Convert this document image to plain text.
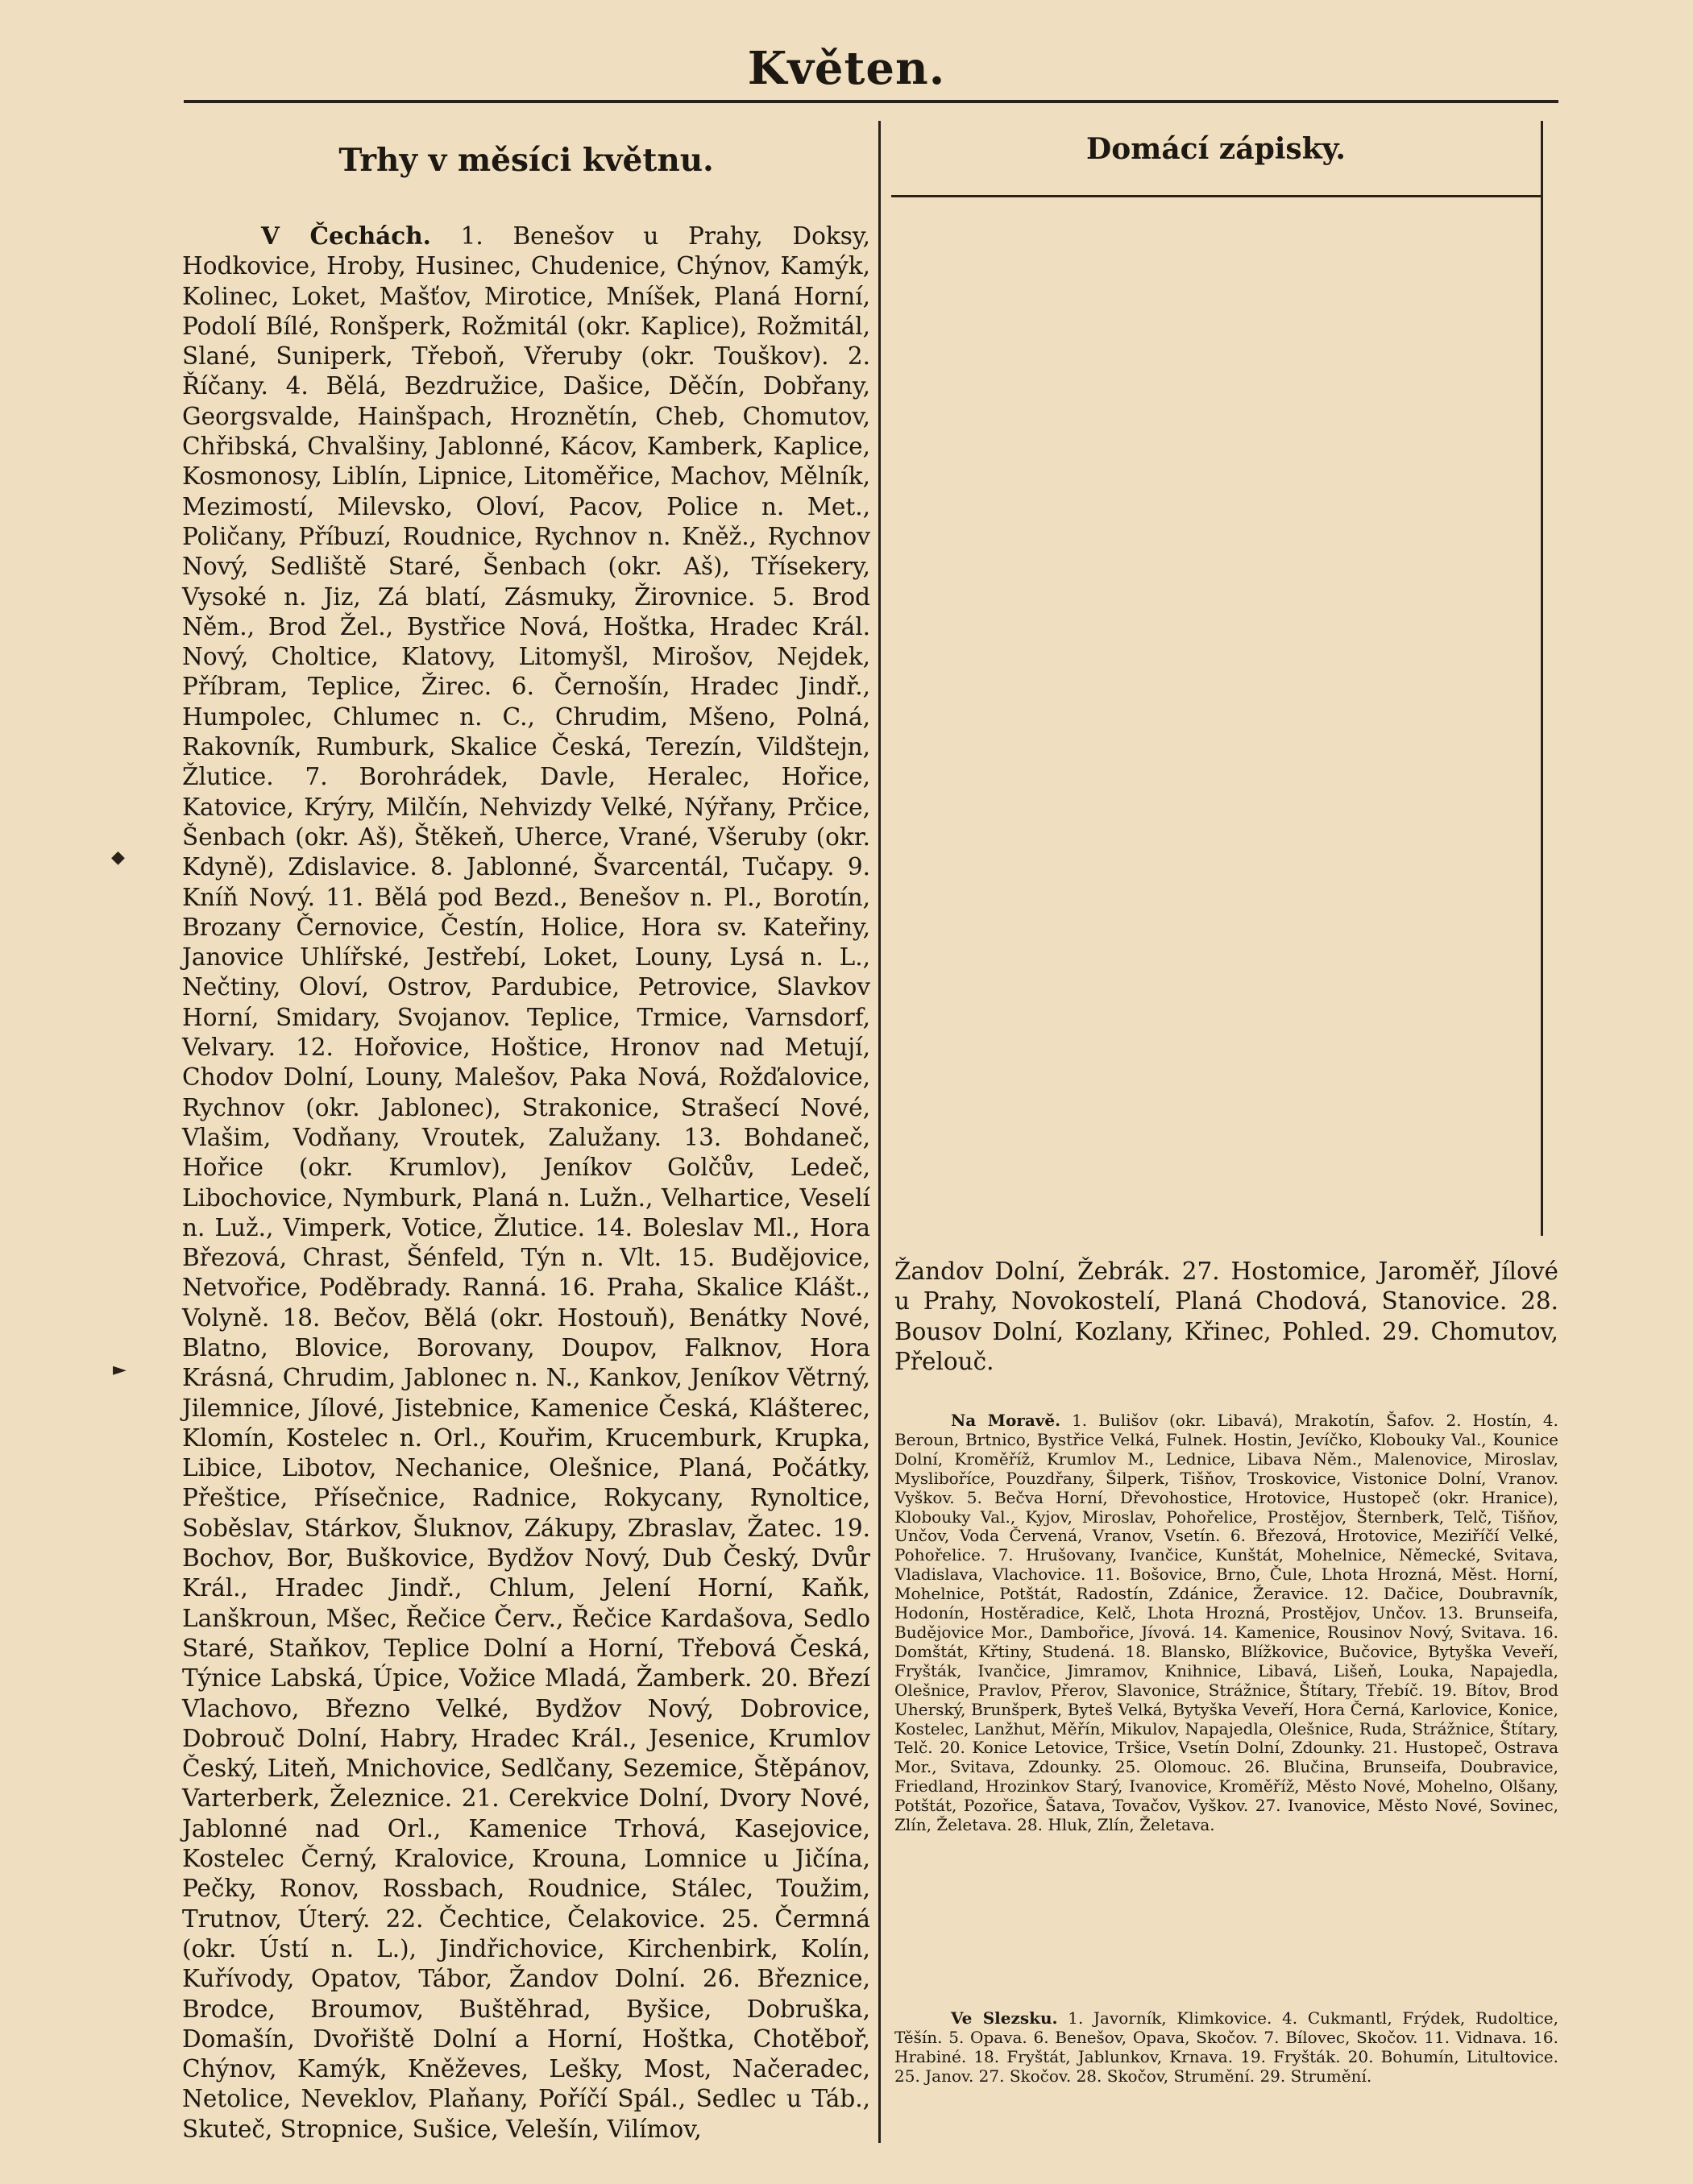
Květen.
Trhy v měsíci květnu.

V Čechách. 1. Benešov u Prahy, Doksy, Hodkovice, Hroby, Husinec, Chudenice, Chýnov, Kamýk, Kolinec, Loket, Mašťov, Mirotice, Mníšek, Planá Horní, Podolí Bílé, Ronšperk, Rožmitál (okr. Kaplice), Rožmitál, Slané, Suniperk, Třeboň, Vřeruby (okr. Touškov). 2. Říčany. 4. Bělá, Bezdružice, Dašice, Děčín, Dobřany, Georgsvalde, Hainšpach, Hroznětín, Cheb, Chomutov, Chřibská, Chvalšiny, Jablonné, Kácov, Kamberk, Kaplice, Kosmonosy, Liblín, Lipnice, Litoměřice, Machov, Mělník, Mezimostí, Milevsko, Oloví, Pacov, Police n. Met., Poličany, Příbuzí, Roudnice, Rychnov n. Kněž., Rychnov Nový, Sedliště Staré, Šenbach (okr. Aš), Třísekery, Vysoké n. Jiz, Zá blatí, Zásmuky, Žirovnice. 5. Brod Něm., Brod Žel., Bystřice Nová, Hoštka, Hradec Král. Nový, Choltice, Klatovy, Litomyšl, Mirošov, Nejdek, Příbram, Teplice, Žirec. 6. Černošín, Hradec Jindř., Humpolec, Chlumec n. C., Chrudim, Mšeno, Polná, Rakovník, Rumburk, Skalice Česká, Terezín, Vildštejn, Žlutice. 7. Borohrádek, Davle, Heralec, Hořice, Katovice, Krýry, Milčín, Nehvizdy Velké, Nýřany, Prčice, Šenbach (okr. Aš), Štěkeň, Uherce, Vrané, Všeruby (okr. Kdyně), Zdislavice. 8. Jablonné, Švarcentál, Tučapy. 9. Kníň Nový. 11. Bělá pod Bezd., Benešov n. Pl., Borotín, Brozany Černovice, Čestín, Holice, Hora sv. Kateřiny, Janovice Uhlířské, Jestřebí, Loket, Louny, Lysá n. L., Nečtiny, Oloví, Ostrov, Pardubice, Petrovice, Slavkov Horní, Smidary, Svojanov. Teplice, Trmice, Varnsdorf, Velvary. 12. Hořovice, Hoštice, Hronov nad Metují, Chodov Dolní, Louny, Malešov, Paka Nová, Rožďalovice, Rychnov (okr. Jablonec), Strakonice, Strašecí Nové, Vlašim, Vodňany, Vroutek, Zalužany. 13. Bohdaneč, Hořice (okr. Krumlov), Jeníkov Golčův, Ledeč, Libochovice, Nymburk, Planá n. Lužn., Velhartice, Veselí n. Luž., Vimperk, Votice, Žlutice. 14. Boleslav Ml., Hora Březová, Chrast, Šénfeld, Týn n. Vlt. 15. Budějovice, Netvořice, Poděbrady. Ranná. 16. Praha, Skalice Klášt., Volyně. 18. Bečov, Bělá (okr. Hostouň), Benátky Nové, Blatno, Blovice, Borovany, Doupov, Falknov, Hora Krásná, Chrudim, Jablonec n. N., Kankov, Jeníkov Větrný, Jilemnice, Jílové, Jistebnice, Kamenice Česká, Klášterec, Klomín, Kostelec n. Orl., Kouřim, Krucemburk, Krupka, Libice, Libotov, Nechanice, Olešnice, Planá, Počátky, Přeštice, Přísečnice, Radnice, Rokycany, Rynoltice, Soběslav, Stárkov, Šluknov, Zákupy, Zbraslav, Žatec. 19. Bochov, Bor, Buškovice, Bydžov Nový, Dub Český, Dvůr Král., Hradec Jindř., Chlum, Jelení Horní, Kaňk, Lanškroun, Mšec, Řečice Červ., Řečice Kardašova, Sedlo Staré, Staňkov, Teplice Dolní a Horní, Třebová Česká, Týnice Labská, Úpice, Vožice Mladá, Žamberk. 20. Březí Vlachovo, Březno Velké, Bydžov Nový, Dobrovice, Dobrouč Dolní, Habry, Hradec Král., Jesenice, Krumlov Český, Liteň, Mnichovice, Sedlčany, Sezemice, Štěpánov, Varterberk, Železnice. 21. Cerekvice Dolní, Dvory Nové, Jablonné nad Orl., Kamenice Trhová, Kasejovice, Kostelec Černý, Kralovice, Krouna, Lomnice u Jičína, Pečky, Ronov, Rossbach, Roudnice, Stálec, Toužim, Trutnov, Úterý. 22. Čechtice, Čelakovice. 25. Čermná (okr. Ústí n. L.), Jindřichovice, Kirchenbirk, Kolín, Kuřívody, Opatov, Tábor, Žandov Dolní. 26. Březnice, Brodce, Broumov, Buštěhrad, Byšice, Dobruška, Domašín, Dvořiště Dolní a Horní, Hoštka, Chotěboř, Chýnov, Kamýk, Kněževes, Lešky, Most, Načeradec, Netolice, Neveklov, Plaňany, Poříčí Spál., Sedlec u Táb., Skuteč, Stropnice, Sušice, Velešín, Vilímov,

Domácí zápisky.

Žandov Dolní, Žebrák. 27. Hostomice, Jaroměř, Jílové u Prahy, Novokostelí, Planá Chodová, Stanovice. 28. Bousov Dolní, Kozlany, Křinec, Pohled. 29. Chomutov, Přelouč.

Na Moravě. 1. Bulišov (okr. Libavá), Mrakotín, Šafov. 2. Hostín, 4. Beroun, Brtnico, Bystřice Velká, Fulnek. Hostin, Jevíčko, Klobouky Val., Kounice Dolní, Kroměříž, Krumlov M., Lednice, Libava Něm., Malenovice, Miroslav, Mysliboříce, Pouzdřany, Šilperk, Tišňov, Troskovice, Vistonice Dolní, Vranov. Vyškov. 5. Bečva Horní, Dřevohostice, Hrotovice, Hustopeč (okr. Hranice), Klobouky Val., Kyjov, Miroslav, Pohořelice, Prostějov, Šternberk, Telč, Tišňov, Unčov, Voda Červená, Vranov, Vsetín. 6. Březová, Hrotovice, Meziříčí Velké, Pohořelice. 7. Hrušovany, Ivančice, Kunštát, Mohelnice, Německé, Svitava, Vladislava, Vlachovice. 11. Bošovice, Brno, Čule, Lhota Hrozná, Měst. Horní, Mohelnice, Potštát, Radostín, Zdánice, Žeravice. 12. Dačice, Doubravník, Hodonín, Hostěradice, Kelč, Lhota Hrozná, Prostějov, Unčov. 13. Brunseifa, Budějovice Mor., Dambořice, Jívová. 14. Kamenice, Rousinov Nový, Svitava. 16. Domštát, Křtiny, Studená. 18. Blansko, Blížkovice, Bučovice, Bytyška Veveří, Fryšták, Ivančice, Jimramov, Knihnice, Libavá, Lišeň, Louka, Napajedla, Olešnice, Pravlov, Přerov, Slavonice, Strážnice, Štítary, Třebíč. 19. Bítov, Brod Uherský, Brunšperk, Byteš Velká, Bytyška Veveří, Hora Černá, Karlovice, Konice, Kostelec, Lanžhut, Měřín, Mikulov, Napajedla, Olešnice, Ruda, Strážnice, Štítary, Telč. 20. Konice Letovice, Tršice, Vsetín Dolní, Zdounky. 21. Hustopeč, Ostrava Mor., Svitava, Zdounky. 25. Olomouc. 26. Blučina, Brunseifa, Doubravice, Friedland, Hrozinkov Starý, Ivanovice, Kroměříž, Město Nové, Mohelno, Olšany, Potštát, Pozořice, Šatava, Tovačov, Vyškov. 27. Ivanovice, Město Nové, Sovinec, Zlín, Želetava. 28. Hluk, Zlín, Želetava.

Ve Slezsku. 1. Javorník, Klimkovice. 4. Cukmantl, Frýdek, Rudoltice, Těšín. 5. Opava. 6. Benešov, Opava, Skočov. 7. Bílovec, Skočov. 11. Vidnava. 16. Hrabiné. 18. Fryštát, Jablunkov, Krnava. 19. Fryšták. 20. Bohumín, Litultovice. 25. Janov. 27. Skočov. 28. Skočov, Strumění. 29. Strumění.

◆
►
